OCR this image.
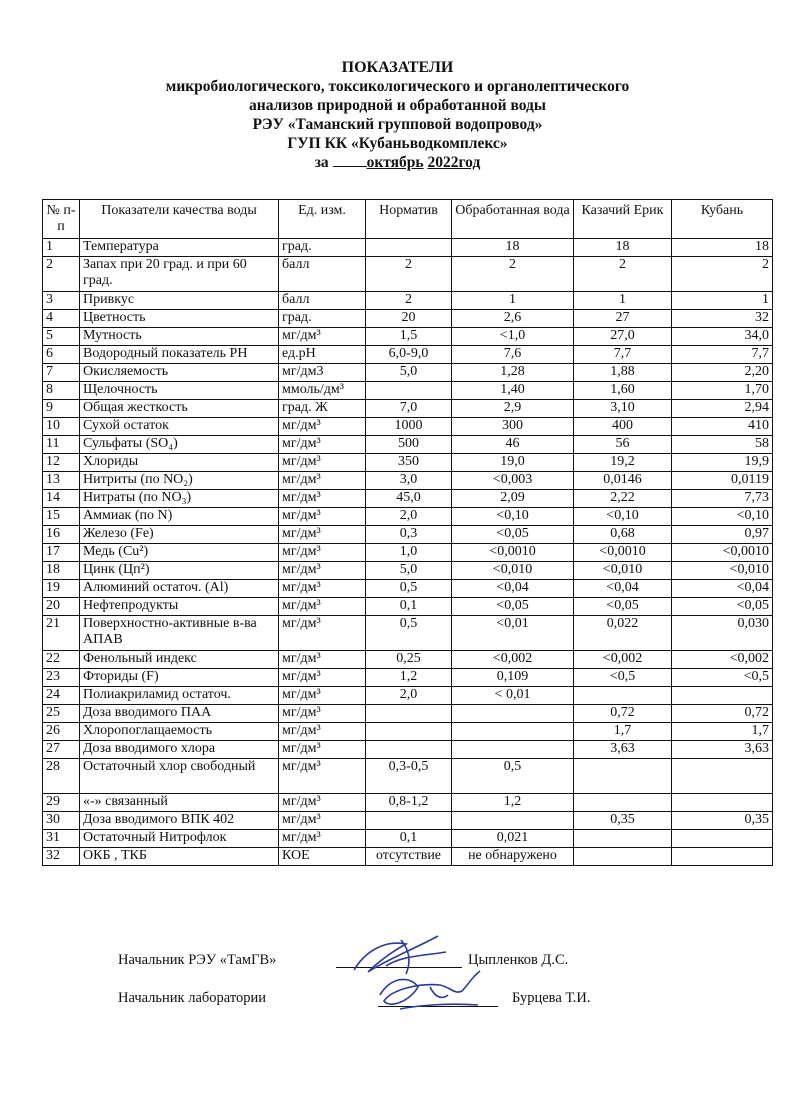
ПОКАЗАТЕЛИ
микробиологического, токсикологического и органолептического
анализов природной и обработанной воды
РЭУ «Таманский групповой водопровод»
ГУП КК «Кубаньводкомплекс»
за октябрь 2022год
№ п-п	Показатели качества воды	Ед. изм.	Норматив	Обработанная вода	Казачий Ерик	Кубань
1	Температура	град.		18	18	18
2	Запах при 20 град. и при 60 град.	балл	2	2	2	2
3	Привкус	балл	2	1	1	1
4	Цветность	град.	20	2,6	27	32
5	Мутность	мг/дм³	1,5	<1,0	27,0	34,0
6	Водородный показатель РН	ед.рН	6,0-9,0	7,6	7,7	7,7
7	Окисляемость	мг/дм3	5,0	1,28	1,88	2,20
8	Щелочность	ммоль/дм³		1,40	1,60	1,70
9	Общая жесткость	град. Ж	7,0	2,9	3,10	2,94
10	Сухой остаток	мг/дм³	1000	300	400	410
11	Сульфаты (SO₄)	мг/дм³	500	46	56	58
12	Хлориды	мг/дм³	350	19,0	19,2	19,9
13	Нитриты (по NO₂)	мг/дм³	3,0	<0,003	0,0146	0,0119
14	Нитраты (по NO₃)	мг/дм³	45,0	2,09	2,22	7,73
15	Аммиак (по N)	мг/дм³	2,0	<0,10	<0,10	<0,10
16	Железо (Fe)	мг/дм³	0,3	<0,05	0,68	0,97
17	Медь (Cu²)	мг/дм³	1,0	<0,0010	<0,0010	<0,0010
18	Цинк (Цп²)	мг/дм³	5,0	<0,010	<0,010	<0,010
19	Алюминий остаточ. (Al)	мг/дм³	0,5	<0,04	<0,04	<0,04
20	Нефтепродукты	мг/дм³	0,1	<0,05	<0,05	<0,05
21	Поверхностно-активные в-ва АПАВ	мг/дм³	0,5	<0,01	0,022	0,030
22	Фенольный индекс	мг/дм³	0,25	<0,002	<0,002	<0,002
23	Фториды (F)	мг/дм³	1,2	0,109	<0,5	<0,5
24	Полиакриламид остаточ.	мг/дм³	2,0	< 0,01		
25	Доза вводимого ПАА	мг/дм³			0,72	0,72
26	Хлоропоглащаемость	мг/дм³			1,7	1,7
27	Доза вводимого хлора	мг/дм³			3,63	3,63
28	Остаточный хлор свободный	мг/дм³	0,3-0,5	0,5		
29	«-» связанный	мг/дм³	0,8-1,2	1,2		
30	Доза вводимого ВПК 402	мг/дм³			0,35	0,35
31	Остаточный Нитрофлок	мг/дм³	0,1	0,021		
32	ОКБ , ТКБ	КОЕ	отсутствие	не обнаружено		
Начальник РЭУ «ТамГВ»	Цыпленков Д.С.
Начальник лаборатории	Бурцева Т.И.
